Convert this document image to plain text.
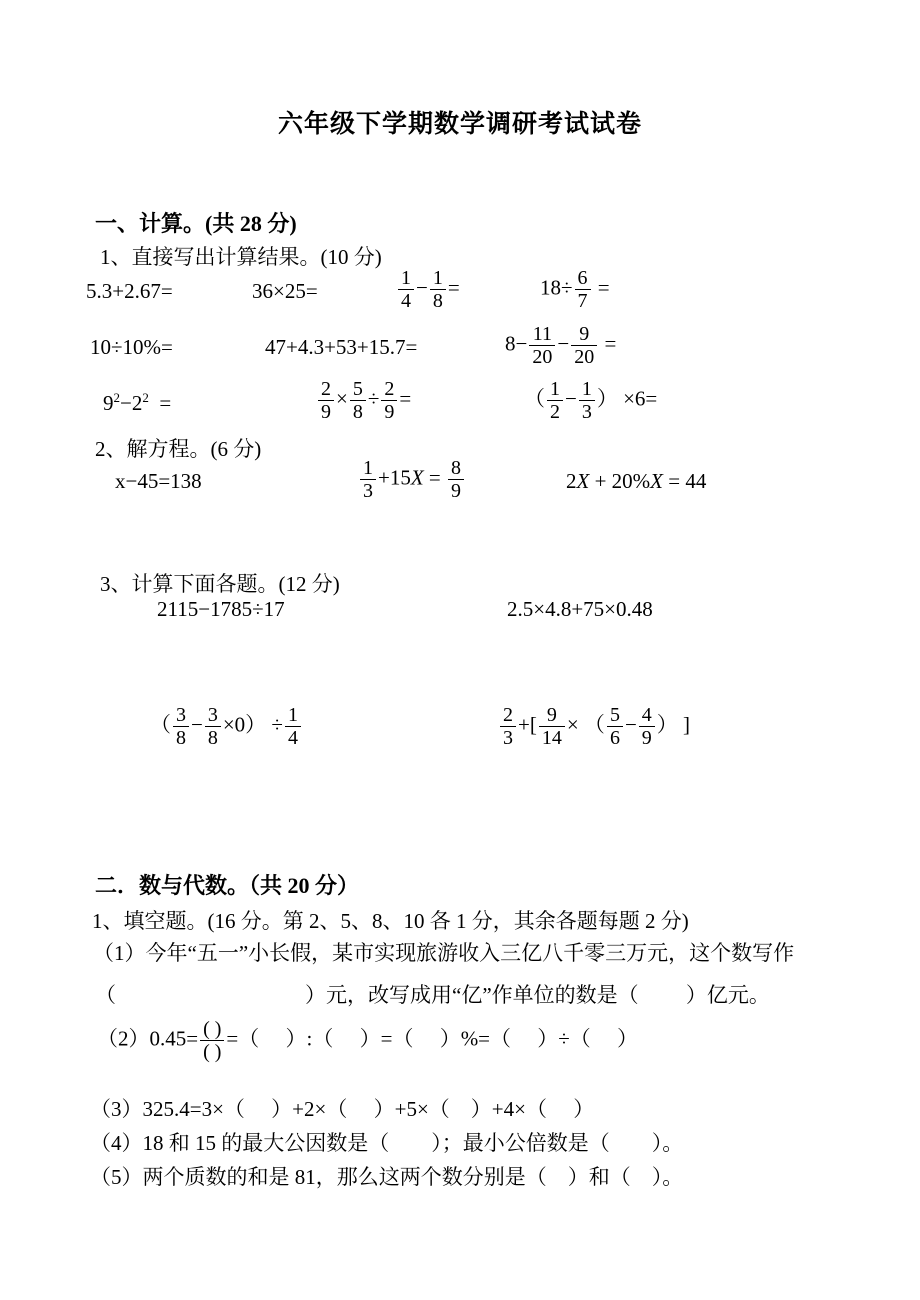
六年级下学期数学调研考试试卷
一、计算。(共 28 分)
1、直接写出计算结果。(10 分)
5.3+2.67=	36×25=	$\frac{1}{4} - \frac{1}{8}$ =	$18\div \frac{6}{7}$ =
10÷10%=	47+4.3+53+15.7=	$8- \frac{11}{20} - \frac{9}{20}$ =
$9^2-2^2$  =	$\frac{2}{9} \times \frac{5}{8} \div \frac{2}{9}$ =	（ $\frac{1}{2} - \frac{1}{3}$ ） ×6=
2、解方程。(6 分)
x−45=138	$\frac{1}{3} +15X = \frac{8}{9}$	2X + 20%X = 44
3、计算下面各题。(12 分)
2115−1785÷17	2.5×4.8+75×0.48
（ $\frac{3}{8} - \frac{3}{8} \times 0) \div \frac{1}{4}$	$\frac{2}{3}$ +[ $\frac{9}{14}$ × （ $\frac{5}{6} - \frac{4}{9}$ ） ]
二．数与代数。（共 20 分）
1、填空题。(16 分。第 2、5、8、10 各 1 分，其余各题每题 2 分)
（1）今年“五一”小长假，某市实现旅游收入三亿八千零三万元，这个数写作
（　　　　　　　　　）元，改写成用“亿”作单位的数是（　　 ）亿元。
$(2)0.45= \frac{( )}{( )}$ =（　 ）:（　 ）=（　 ）%=（　 ）÷（　 ）
（3）325.4=3×（　 ）+2×（　 ）+5×（　）+4×（　 ）
（4）18 和 15 的最大公因数是（　　）；最小公倍数是（　　）。
（5）两个质数的和是 81，那么这两个数分别是（　）和（　）。
